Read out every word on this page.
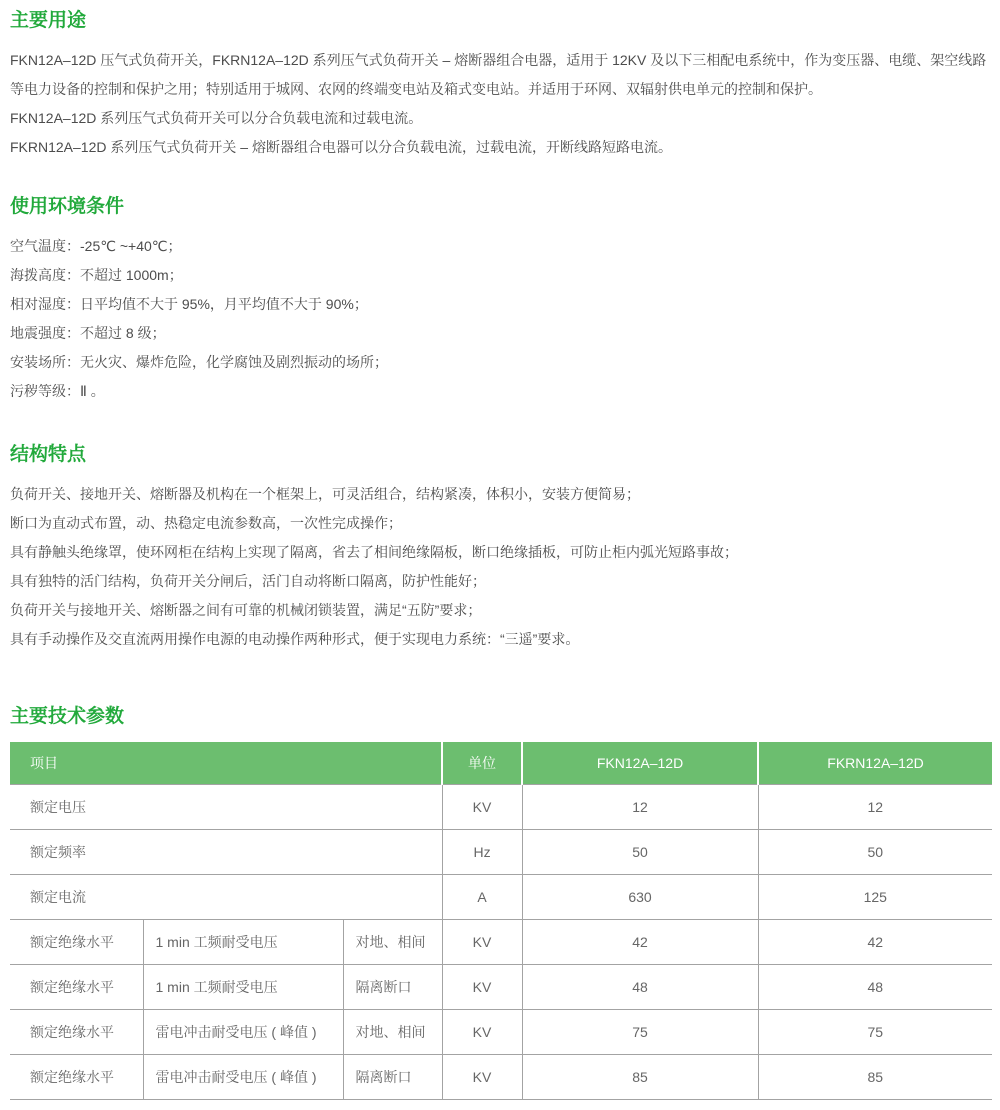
主要用途

FKN12A–12D 压气式负荷开关，FKRN12A–12D 系列压气式负荷开关 – 熔断器组合电器，适用于 12KV 及以下三相配电系统中，作为变压器、电缆、架空线路等电力设备的控制和保护之用；特别适用于城网、农网的终端变电站及箱式变电站。并适用于环网、双辐射供电单元的控制和保护。

FKN12A–12D 系列压气式负荷开关可以分合负载电流和过载电流。

FKRN12A–12D 系列压气式负荷开关 – 熔断器组合电器可以分合负载电流，过载电流，开断线路短路电流。

使用环境条件

空气温度：-25℃ ~+40℃；

海拨高度：不超过 1000m；

相对湿度：日平均值不大于 95%，月平均值不大于 90%；

地震强度：不超过 8 级；

安装场所：无火灾、爆炸危险，化学腐蚀及剧烈振动的场所；

污秽等级：Ⅱ 。

结构特点

负荷开关、接地开关、熔断器及机构在一个框架上，可灵活组合，结构紧凑，体积小，安装方便简易；

断口为直动式布置，动、热稳定电流参数高，一次性完成操作；

具有静触头绝缘罩，使环网柜在结构上实现了隔离，省去了相间绝缘隔板，断口绝缘插板，可防止柜内弧光短路事故；

具有独特的活门结构，负荷开关分闸后，活门自动将断口隔离，防护性能好；

负荷开关与接地开关、熔断器之间有可靠的机械闭锁装置，满足“五防”要求；

具有手动操作及交直流两用操作电源的电动操作两种形式，便于实现电力系统：“三遥”要求。

主要技术参数
项目			单位	FKN12A–12D	FKRN12A–12D
额定电压			KV	12	12
额定频率			Hz	50	50
额定电流			A	630	125
额定绝缘水平	1 min 工频耐受电压	对地、相间	KV	42	42
额定绝缘水平	1 min 工频耐受电压	隔离断口	KV	48	48
额定绝缘水平	雷电冲击耐受电压 ( 峰值 )	对地、相间	KV	75	75
额定绝缘水平	雷电冲击耐受电压 ( 峰值 )	隔离断口	KV	85	85
